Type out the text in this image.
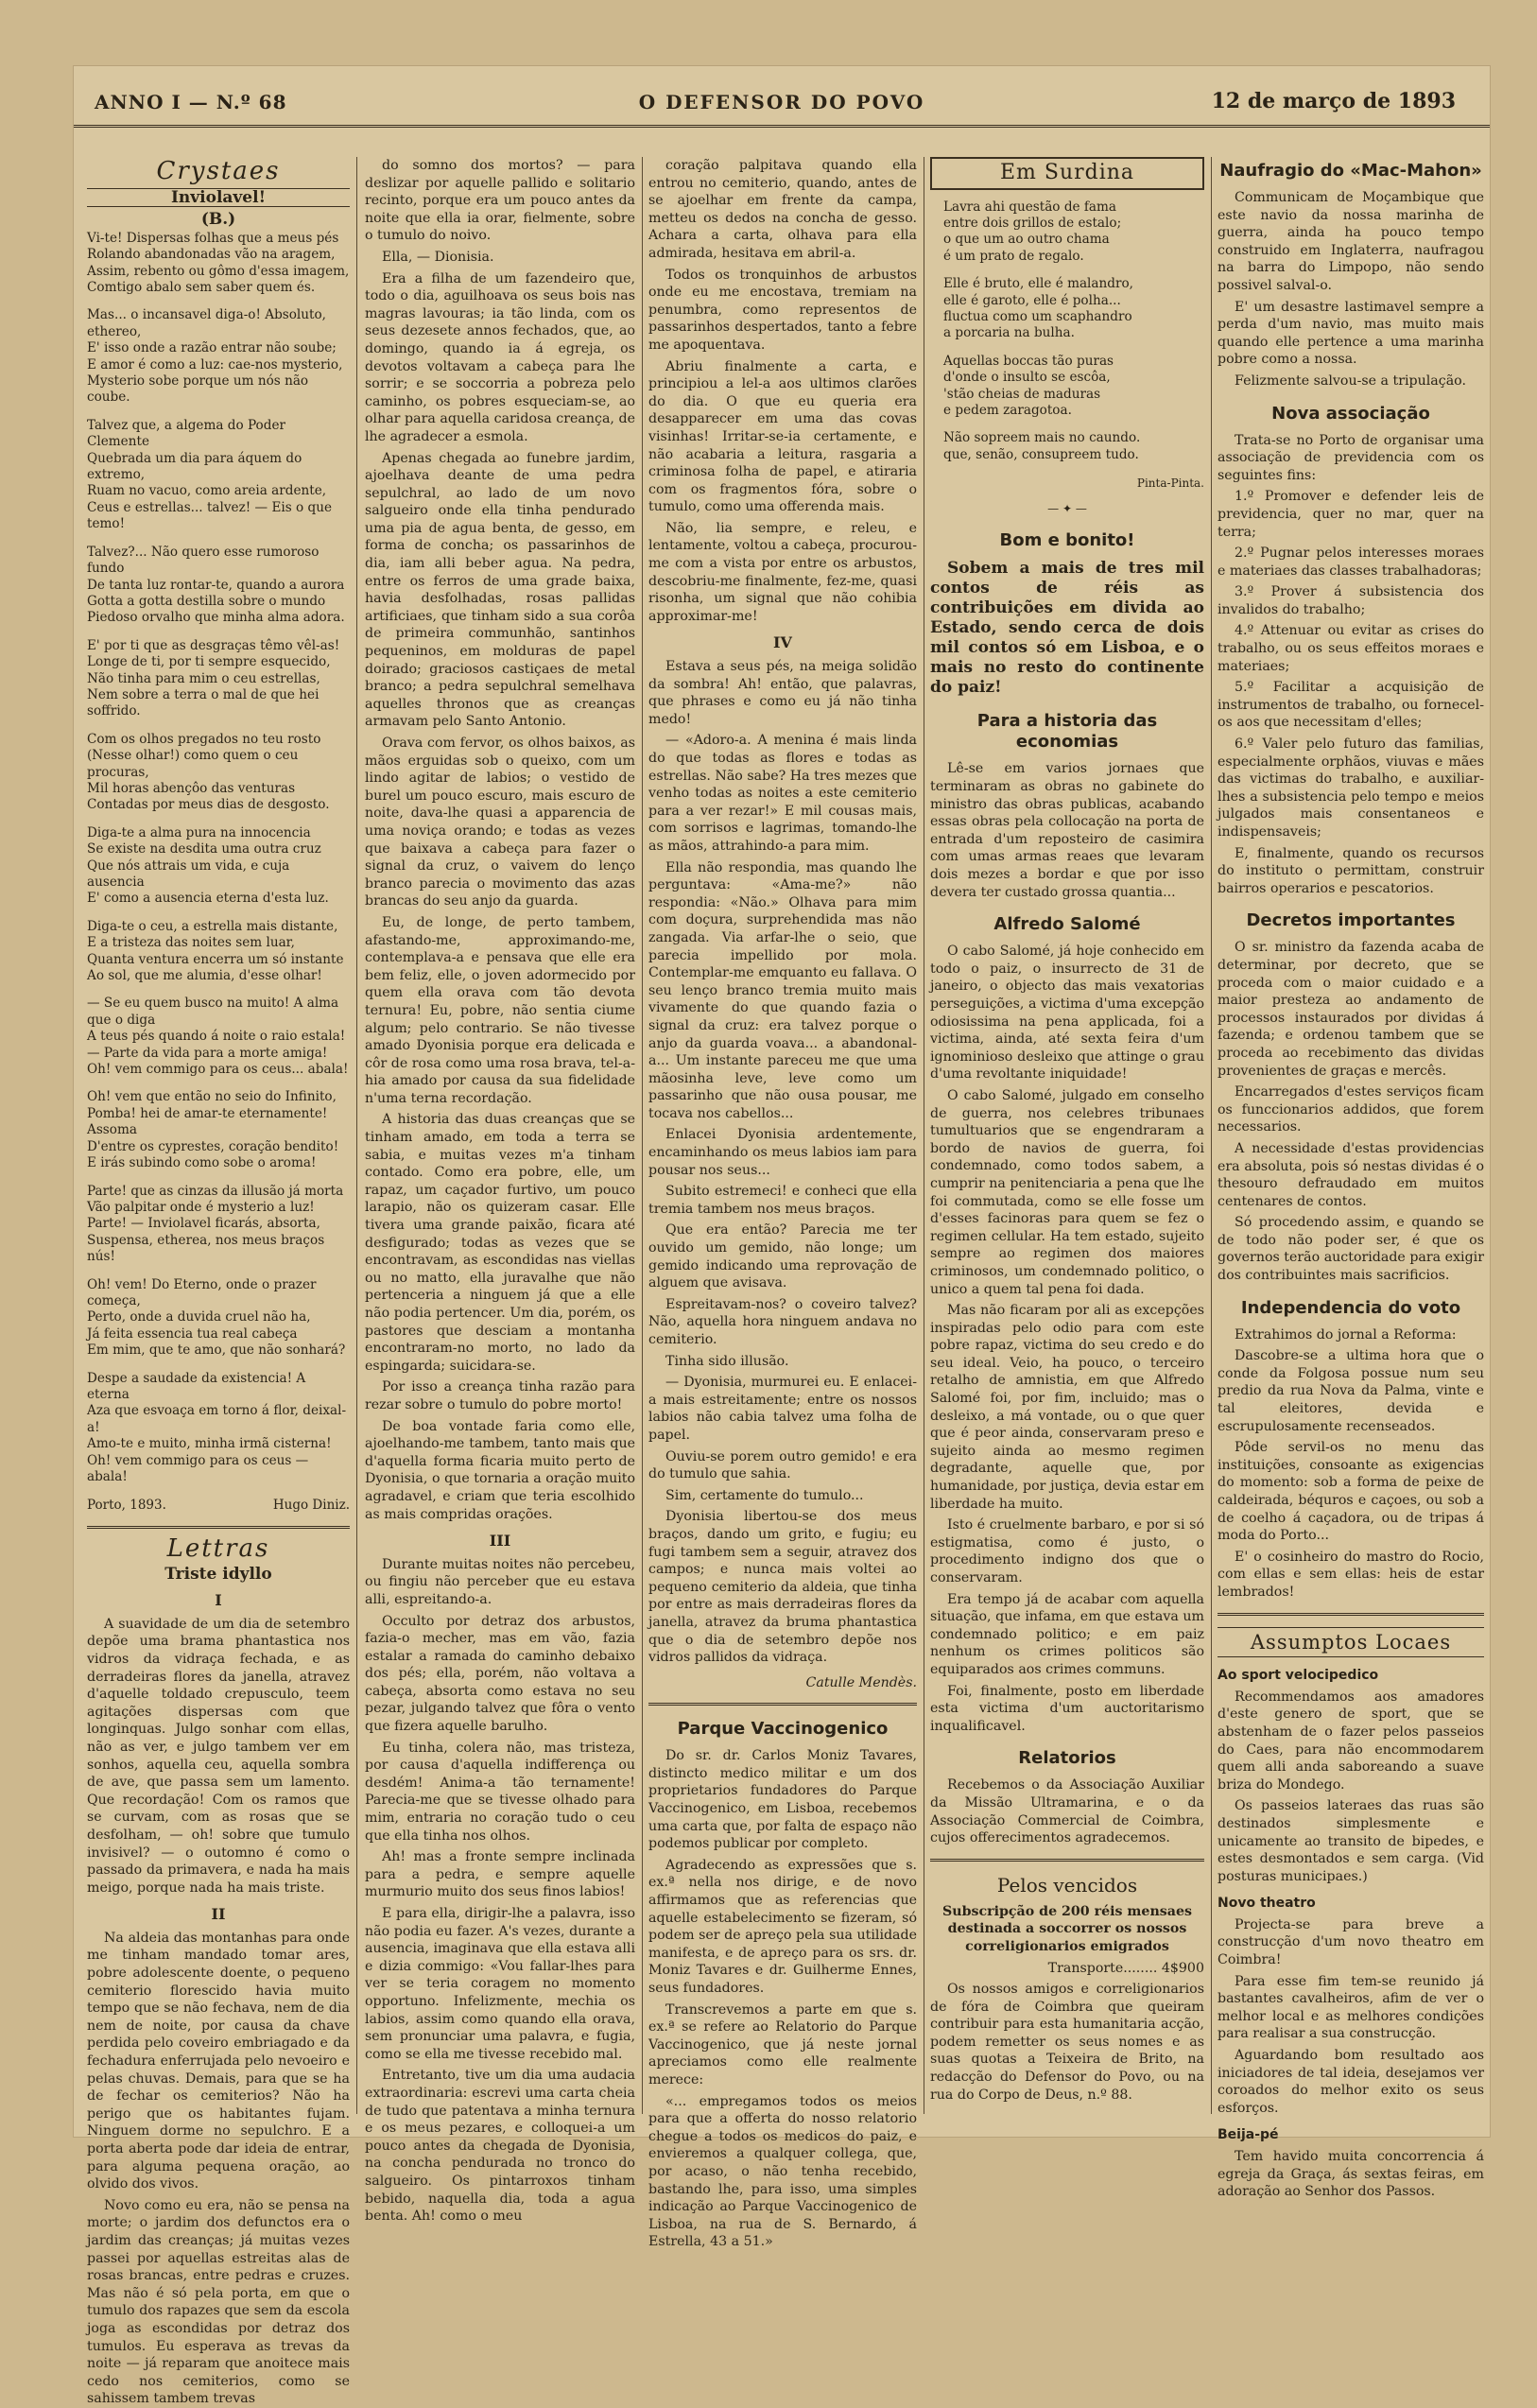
ANNO I — N.º 68	O DEFENSOR DO POVO	12 de março de 1893
Crystaes
Inviolavel!
(B.)

Vi-te! Dispersas folhas que a meus pés
Rolando abandonadas vão na aragem,
Assim, rebento ou gômo d'essa imagem,
Comtigo abalo sem saber quem és.

Mas... o incansavel diga-o! Absoluto, ethereo,
E' isso onde a razão entrar não soube;
E amor é como a luz: cae-nos mysterio,
Mysterio sobe porque um nós não coube.

Talvez que, a algema do Poder Clemente
Quebrada um dia para áquem do extremo,
Ruam no vacuo, como areia ardente,
Ceus e estrellas... talvez! — Eis o que temo!

Talvez?... Não quero esse rumoroso fundo
De tanta luz rontar-te, quando a aurora
Gotta a gotta destilla sobre o mundo
Piedoso orvalho que minha alma adora.

E' por ti que as desgraças têmo vêl-as!
Longe de ti, por ti sempre esquecido,
Não tinha para mim o ceu estrellas,
Nem sobre a terra o mal de que hei soffrido.

Com os olhos pregados no teu rosto
(Nesse olhar!) como quem o ceu procuras,
Mil horas abençôo das venturas
Contadas por meus dias de desgosto.

Diga-te a alma pura na innocencia
Se existe na desdita uma outra cruz
Que nós attrais um vida, e cuja ausencia
E' como a ausencia eterna d'esta luz.

Diga-te o ceu, a estrella mais distante,
E a tristeza das noites sem luar,
Quanta ventura encerra um só instante
Ao sol, que me alumia, d'esse olhar!

— Se eu quem busco na muito! A alma que o diga
A teus pés quando á noite o raio estala!
— Parte da vida para a morte amiga!
Oh! vem commigo para os ceus... abala!

Oh! vem que então no seio do Infinito,
Pomba! hei de amar-te eternamente! Assoma
D'entre os cyprestes, coração bendito!
E irás subindo como sobe o aroma!

Parte! que as cinzas da illusão já morta
Vão palpitar onde é mysterio a luz!
Parte! — Inviolavel ficarás, absorta,
Suspensa, etherea, nos meus braços nús!

Oh! vem! Do Eterno, onde o prazer começa,
Perto, onde a duvida cruel não ha,
Já feita essencia tua real cabeça
Em mim, que te amo, que não sonhará?

Despe a saudade da existencia! A eterna
Aza que esvoaça em torno á flor, deixal-a!
Amo-te e muito, minha irmã cisterna!
Oh! vem commigo para os ceus — abala!

Porto, 1893.	Hugo Diniz.
Lettras
Triste idyllo
I

A suavidade de um dia de setembro depõe uma brama phantastica nos vidros da vidraça fechada, e as derradeiras flores da janella, atravez d'aquelle toldado crepusculo, teem agitações dispersas com que longinquas. Julgo sonhar com ellas, não as ver, e julgo tambem ver em sonhos, aquella ceu, aquella sombra de ave, que passa sem um lamento. Que recordação! Com os ramos que se curvam, com as rosas que se desfolham, — oh! sobre que tumulo invisivel? — o outomno é como o passado da primavera, e nada ha mais meigo, porque nada ha mais triste.

II

Na aldeia das montanhas para onde me tinham mandado tomar ares, pobre adolescente doente, o pequeno cemiterio florescido havia muito tempo que se não fechava, nem de dia nem de noite, por causa da chave perdida pelo coveiro embriagado e da fechadura enferrujada pelo nevoeiro e pelas chuvas. Demais, para que se ha de fechar os cemiterios? Não ha perigo que os habitantes fujam. Ninguem dorme no sepulchro. E a porta aberta pode dar ideia de entrar, para alguma pequena oração, ao olvido dos vivos.

Novo como eu era, não se pensa na morte; o jardim dos defunctos era o jardim das creanças; já muitas vezes passei por aquellas estreitas alas de rosas brancas, entre pedras e cruzes. Mas não é só pela porta, em que o tumulo dos rapazes que sem da escola joga as escondidas por detraz dos tumulos. Eu esperava as trevas da noite — já reparam que anoitece mais cedo nos cemiterios, como se sahissem tambem trevas

do somno dos mortos? — para deslizar por aquelle pallido e solitario recinto, porque era um pouco antes da noite que ella ia orar, fielmente, sobre o tumulo do noivo.

Ella, — Dionisia.

Era a filha de um fazendeiro que, todo o dia, aguilhoava os seus bois nas magras lavouras; ia tão linda, com os seus dezesete annos fechados, que, ao domingo, quando ia á egreja, os devotos voltavam a cabeça para lhe sorrir; e se soccorria a pobreza pelo caminho, os pobres esqueciam-se, ao olhar para aquella caridosa creança, de lhe agradecer a esmola.

Apenas chegada ao funebre jardim, ajoelhava deante de uma pedra sepulchral, ao lado de um novo salgueiro onde ella tinha pendurado uma pia de agua benta, de gesso, em forma de concha; os passarinhos de dia, iam alli beber agua. Na pedra, entre os ferros de uma grade baixa, havia desfolhadas, rosas pallidas artificiaes, que tinham sido a sua corôa de primeira communhão, santinhos pequeninos, em molduras de papel doirado; graciosos castiçaes de metal branco; a pedra sepulchral semelhava aquelles thronos que as creanças armavam pelo Santo Antonio.

Orava com fervor, os olhos baixos, as mãos erguidas sob o queixo, com um lindo agitar de labios; o vestido de burel um pouco escuro, mais escuro de noite, dava-lhe quasi a apparencia de uma noviça orando; e todas as vezes que baixava a cabeça para fazer o signal da cruz, o vaivem do lenço branco parecia o movimento das azas brancas do seu anjo da guarda.

Eu, de longe, de perto tambem, afastando-me, approximando-me, contemplava-a e pensava que elle era bem feliz, elle, o joven adormecido por quem ella orava com tão devota ternura! Eu, pobre, não sentia ciume algum; pelo contrario. Se não tivesse amado Dyonisia porque era delicada e côr de rosa como uma rosa brava, tel-a-hia amado por causa da sua fidelidade n'uma terna recordação.

A historia das duas creanças que se tinham amado, em toda a terra se sabia, e muitas vezes m'a tinham contado. Como era pobre, elle, um rapaz, um caçador furtivo, um pouco larapio, não os quizeram casar. Elle tivera uma grande paixão, ficara até desfigurado; todas as vezes que se encontravam, as escondidas nas viellas ou no matto, ella juravalhe que não pertenceria a ninguem já que a elle não podia pertencer. Um dia, porém, os pastores que desciam a montanha encontraram-no morto, no lado da espingarda; suicidara-se.

Por isso a creança tinha razão para rezar sobre o tumulo do pobre morto!

De boa vontade faria como elle, ajoelhando-me tambem, tanto mais que d'aquella forma ficaria muito perto de Dyonisia, o que tornaria a oração muito agradavel, e criam que teria escolhido as mais compridas orações.

III

Durante muitas noites não percebeu, ou fingiu não perceber que eu estava alli, espreitando-a.

Occulto por detraz dos arbustos, fazia-o mecher, mas em vão, fazia estalar a ramada do caminho debaixo dos pés; ella, porém, não voltava a cabeça, absorta como estava no seu pezar, julgando talvez que fôra o vento que fizera aquelle barulho.

Eu tinha, colera não, mas tristeza, por causa d'aquella indifferença ou desdém! Anima-a tão ternamente! Parecia-me que se tivesse olhado para mim, entraria no coração tudo o ceu que ella tinha nos olhos.

Ah! mas a fronte sempre inclinada para a pedra, e sempre aquelle murmurio muito dos seus finos labios!

E para ella, dirigir-lhe a palavra, isso não podia eu fazer. A's vezes, durante a ausencia, imaginava que ella estava alli e dizia commigo: «Vou fallar-lhes para ver se teria coragem no momento opportuno. Infelizmente, mechia os labios, assim como quando ella orava, sem pronunciar uma palavra, e fugia, como se ella me tivesse recebido mal.

Entretanto, tive um dia uma audacia extraordinaria: escrevi uma carta cheia de tudo que patentava a minha ternura e os meus pezares, e colloquei-a um pouco antes da chegada de Dyonisia, na concha pendurada no tronco do salgueiro. Os pintarroxos tinham bebido, naquella dia, toda a agua benta. Ah! como o meu

coração palpitava quando ella entrou no cemiterio, quando, antes de se ajoelhar em frente da campa, metteu os dedos na concha de gesso. Achara a carta, olhava para ella admirada, hesitava em abril-a.

Todos os tronquinhos de arbustos onde eu me encostava, tremiam na penumbra, como representos de passarinhos despertados, tanto a febre me apoquentava.

Abriu finalmente a carta, e principiou a lel-a aos ultimos clarões do dia. O que eu queria era desapparecer em uma das covas visinhas! Irritar-se-ia certamente, e não acabaria a leitura, rasgaria a criminosa folha de papel, e atiraria com os fragmentos fóra, sobre o tumulo, como uma offerenda mais.

Não, lia sempre, e releu, e lentamente, voltou a cabeça, procurou-me com a vista por entre os arbustos, descobriu-me finalmente, fez-me, quasi risonha, um signal que não cohibia approximar-me!

IV

Estava a seus pés, na meiga solidão da sombra! Ah! então, que palavras, que phrases e como eu já não tinha medo!

— «Adoro-a. A menina é mais linda do que todas as flores e todas as estrellas. Não sabe? Ha tres mezes que venho todas as noites a este cemiterio para a ver rezar!» E mil cousas mais, com sorrisos e lagrimas, tomando-lhe as mãos, attrahindo-a para mim.

Ella não respondia, mas quando lhe perguntava: «Ama-me?» não respondia: «Não.» Olhava para mim com doçura, surprehendida mas não zangada. Via arfar-lhe o seio, que parecia impellido por mola. Contemplar-me emquanto eu fallava. O seu lenço branco tremia muito mais vivamente do que quando fazia o signal da cruz: era talvez porque o anjo da guarda voava... a abandonal-a... Um instante pareceu me que uma mãosinha leve, leve como um passarinho que não ousa pousar, me tocava nos cabellos...

Enlacei Dyonisia ardentemente, encaminhando os meus labios iam para pousar nos seus...

Subito estremeci! e conheci que ella tremia tambem nos meus braços.

Que era então? Parecia me ter ouvido um gemido, não longe; um gemido indicando uma reprovação de alguem que avisava.

Espreitavam-nos? o coveiro talvez? Não, aquella hora ninguem andava no cemiterio.

Tinha sido illusão.

— Dyonisia, murmurei eu. E enlacei-a mais estreitamente; entre os nossos labios não cabia talvez uma folha de papel.

Ouviu-se porem outro gemido! e era do tumulo que sahia.

Sim, certamente do tumulo...

Dyonisia libertou-se dos meus braços, dando um grito, e fugiu; eu fugi tambem sem a seguir, atravez dos campos; e nunca mais voltei ao pequeno cemiterio da aldeia, que tinha por entre as mais derradeiras flores da janella, atravez da bruma phantastica que o dia de setembro depõe nos vidros pallidos da vidraça.

Catulle Mendès.
Parque Vaccinogenico

Do sr. dr. Carlos Moniz Tavares, distincto medico militar e um dos proprietarios fundadores do Parque Vaccinogenico, em Lisboa, recebemos uma carta que, por falta de espaço não podemos publicar por completo.

Agradecendo as expressões que s. ex.ª nella nos dirige, e de novo affirmamos que as referencias que aquelle estabelecimento se fizeram, só podem ser de apreço pela sua utilidade manifesta, e de apreço para os srs. dr. Moniz Tavares e dr. Guilherme Ennes, seus fundadores.

Transcrevemos a parte em que s. ex.ª se refere ao Relatorio do Parque Vaccinogenico, que já neste jornal apreciamos como elle realmente merece:

«... empregamos todos os meios para que a offerta do nosso relatorio chegue a todos os medicos do paiz, e envieremos a qualquer collega, que, por acaso, o não tenha recebido, bastando lhe, para isso, uma simples indicação ao Parque Vaccinogenico de Lisboa, na rua de S. Bernardo, á Estrella, 43 a 51.»

Em Surdina

Lavra ahi questão de fama
entre dois grillos de estalo;
o que um ao outro chama
é um prato de regalo.

Elle é bruto, elle é malandro,
elle é garoto, elle é polha...
fluctua como um scaphandro
a porcaria na bulha.

Aquellas boccas tão puras
d'onde o insulto se escôa,
'stão cheias de maduras
e pedem zaragotoa.

Não sopreem mais no caundo.
que, senão, consupreem tudo.

Pinta-Pinta.
— ✦ —
Bom e bonito!

Sobem a mais de tres mil contos de réis as contribuições em divida ao Estado, sendo cerca de dois mil contos só em Lisboa, e o mais no resto do continente do paiz!

Para a historia das economias

Lê-se em varios jornaes que terminaram as obras no gabinete do ministro das obras publicas, acabando essas obras pela collocação na porta de entrada d'um reposteiro de casimira com umas armas reaes que levaram dois mezes a bordar e que por isso devera ter custado grossa quantia...

Alfredo Salomé

O cabo Salomé, já hoje conhecido em todo o paiz, o insurrecto de 31 de janeiro, o objecto das mais vexatorias perseguições, a victima d'uma excepção odiosissima na pena applicada, foi a victima, ainda, até sexta feira d'um ignominioso desleixo que attinge o grau d'uma revoltante iniquidade!

O cabo Salomé, julgado em conselho de guerra, nos celebres tribunaes tumultuarios que se engendraram a bordo de navios de guerra, foi condemnado, como todos sabem, a cumprir na penitenciaria a pena que lhe foi commutada, como se elle fosse um d'esses facinoras para quem se fez o regimen cellular. Ha tem estado, sujeito sempre ao regimen dos maiores criminosos, um condemnado politico, o unico a quem tal pena foi dada.

Mas não ficaram por ali as excepções inspiradas pelo odio para com este pobre rapaz, victima do seu credo e do seu ideal. Veio, ha pouco, o terceiro retalho de amnistia, em que Alfredo Salomé foi, por fim, incluido; mas o desleixo, a má vontade, ou o que quer que é peor ainda, conservaram preso e sujeito ainda ao mesmo regimen degradante, aquelle que, por humanidade, por justiça, devia estar em liberdade ha muito.

Isto é cruelmente barbaro, e por si só estigmatisa, como é justo, o procedimento indigno dos que o conservaram.

Era tempo já de acabar com aquella situação, que infama, em que estava um condemnado politico; e em paiz nenhum os crimes politicos são equiparados aos crimes communs.

Foi, finalmente, posto em liberdade esta victima d'um auctoritarismo inqualificavel.

Relatorios

Recebemos o da Associação Auxiliar da Missão Ultramarina, e o da Associação Commercial de Coimbra, cujos offerecimentos agradecemos.

Pelos vencidos

Subscripção de 200 réis mensaes destinada a soccorrer os nossos correligionarios emigrados

Transporte........ 4$900

Os nossos amigos e correligionarios de fóra de Coimbra que queiram contribuir para esta humanitaria acção, podem remetter os seus nomes e as suas quotas a Teixeira de Brito, na redacção do Defensor do Povo, ou na rua do Corpo de Deus, n.º 88.

Naufragio do «Mac-Mahon»

Communicam de Moçambique que este navio da nossa marinha de guerra, ainda ha pouco tempo construido em Inglaterra, naufragou na barra do Limpopo, não sendo possivel salval-o.

E' um desastre lastimavel sempre a perda d'um navio, mas muito mais quando elle pertence a uma marinha pobre como a nossa.

Felizmente salvou-se a tripulação.

Nova associação

Trata-se no Porto de organisar uma associação de previdencia com os seguintes fins:

1.º Promover e defender leis de previdencia, quer no mar, quer na terra;

2.º Pugnar pelos interesses moraes e materiaes das classes trabalhadoras;

3.º Prover á subsistencia dos invalidos do trabalho;

4.º Attenuar ou evitar as crises do trabalho, ou os seus effeitos moraes e materiaes;

5.º Facilitar a acquisição de instrumentos de trabalho, ou fornecel-os aos que necessitam d'elles;

6.º Valer pelo futuro das familias, especialmente orphãos, viuvas e mães das victimas do trabalho, e auxiliar-lhes a subsistencia pelo tempo e meios julgados mais consentaneos e indispensaveis;

E, finalmente, quando os recursos do instituto o permittam, construir bairros operarios e pescatorios.

Decretos importantes

O sr. ministro da fazenda acaba de determinar, por decreto, que se proceda com o maior cuidado e a maior presteza ao andamento de processos instaurados por dividas á fazenda; e ordenou tambem que se proceda ao recebimento das dividas provenientes de graças e mercês.

Encarregados d'estes serviços ficam os funccionarios addidos, que forem necessarios.

A necessidade d'estas providencias era absoluta, pois só nestas dividas é o thesouro defraudado em muitos centenares de contos.

Só procedendo assim, e quando se de todo não poder ser, é que os governos terão auctoridade para exigir dos contribuintes mais sacrificios.

Independencia do voto

Extrahimos do jornal a Reforma:

Dascobre-se a ultima hora que o conde da Folgosa possue num seu predio da rua Nova da Palma, vinte e tal eleitores, devida e escrupulosamente recenseados.

Pôde servil-os no menu das instituições, consoante as exigencias do momento: sob a forma de peixe de caldeirada, béquros e caçoes, ou sob a de coelho á caçadora, ou de tripas á moda do Porto...

E' o cosinheiro do mastro do Rocio, com ellas e sem ellas: heis de estar lembrados!

Assumptos Locaes
Ao sport velocipedico

Recommendamos aos amadores d'este genero de sport, que se abstenham de o fazer pelos passeios do Caes, para não encommodarem quem alli anda saboreando a suave briza do Mondego.

Os passeios lateraes das ruas são destinados simplesmente e unicamente ao transito de bipedes, e estes desmontados e sem carga. (Vid posturas municipaes.)

Novo theatro

Projecta-se para breve a construcção d'um novo theatro em Coimbra!

Para esse fim tem-se reunido já bastantes cavalheiros, afim de ver o melhor local e as melhores condições para realisar a sua construcção.

Aguardando bom resultado aos iniciadores de tal ideia, desejamos ver coroados do melhor exito os seus esforços.

Beija-pé

Tem havido muita concorrencia á egreja da Graça, ás sextas feiras, em adoração ao Senhor dos Passos.
